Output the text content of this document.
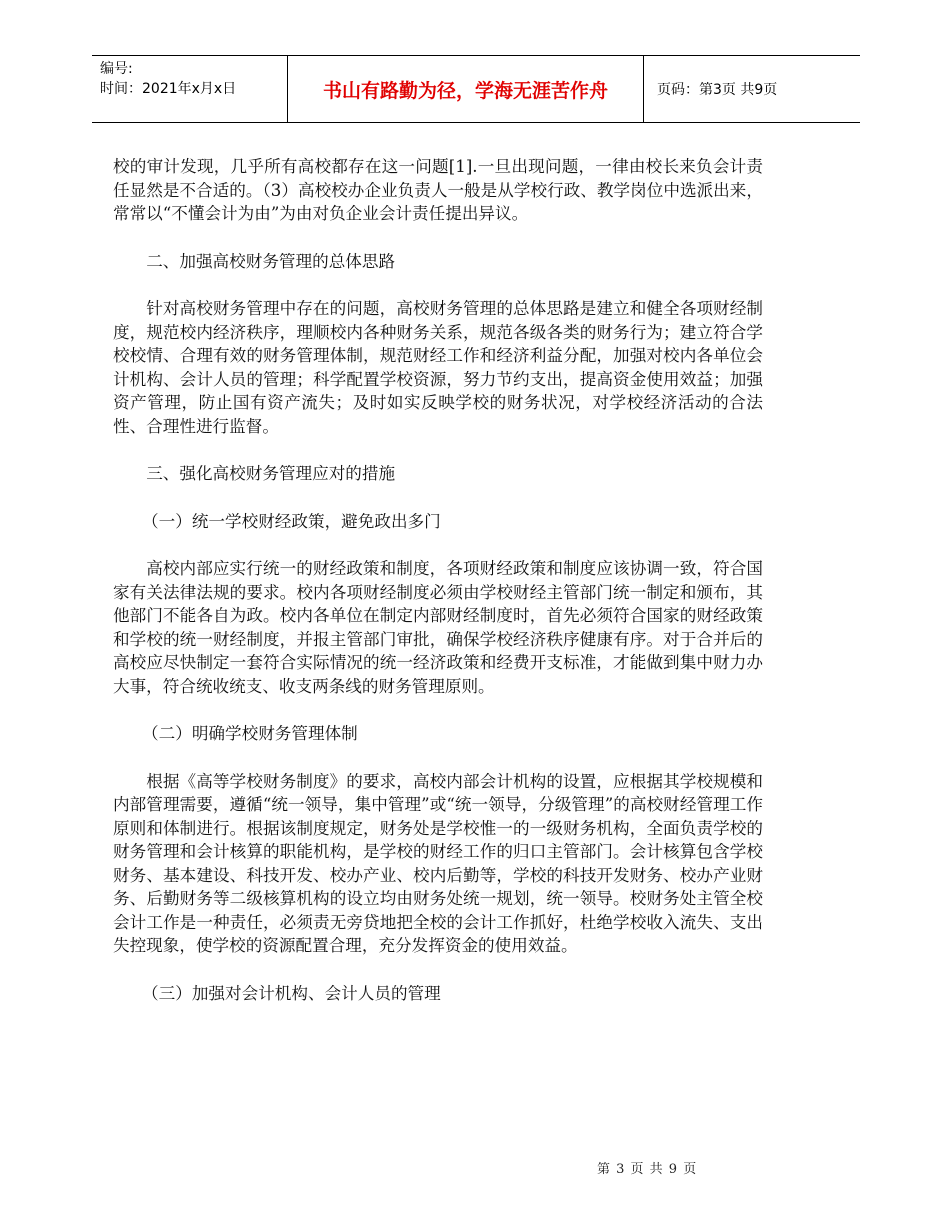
编号:
时间：2021年x月x日	书山有路勤为径，学海无涯苦作舟	页码：第3页 共9页

校的审计发现，几乎所有高校都存在这一问题[1].一旦出现问题，一律由校长来负会计责任显然是不合适的。（3）高校校办企业负责人一般是从学校行政、教学岗位中选派出来，常常以“不懂会计为由”为由对负企业会计责任提出异议。

二、加强高校财务管理的总体思路

针对高校财务管理中存在的问题，高校财务管理的总体思路是建立和健全各项财经制度，规范校内经济秩序，理顺校内各种财务关系，规范各级各类的财务行为；建立符合学校校情、合理有效的财务管理体制，规范财经工作和经济利益分配，加强对校内各单位会计机构、会计人员的管理；科学配置学校资源，努力节约支出，提高资金使用效益；加强资产管理，防止国有资产流失；及时如实反映学校的财务状况，对学校经济活动的合法性、合理性进行监督。

三、强化高校财务管理应对的措施

（一）统一学校财经政策，避免政出多门

高校内部应实行统一的财经政策和制度，各项财经政策和制度应该协调一致，符合国家有关法律法规的要求。校内各项财经制度必须由学校财经主管部门统一制定和颁布，其他部门不能各自为政。校内各单位在制定内部财经制度时，首先必须符合国家的财经政策和学校的统一财经制度，并报主管部门审批，确保学校经济秩序健康有序。对于合并后的高校应尽快制定一套符合实际情况的统一经济政策和经费开支标准，才能做到集中财力办大事，符合统收统支、收支两条线的财务管理原则。

（二）明确学校财务管理体制

根据《高等学校财务制度》的要求，高校内部会计机构的设置，应根据其学校规模和内部管理需要，遵循“统一领导，集中管理”或“统一领导，分级管理”的高校财经管理工作原则和体制进行。根据该制度规定，财务处是学校惟一的一级财务机构，全面负责学校的财务管理和会计核算的职能机构，是学校的财经工作的归口主管部门。会计核算包含学校财务、基本建设、科技开发、校办产业、校内后勤等，学校的科技开发财务、校办产业财务、后勤财务等二级核算机构的设立均由财务处统一规划，统一领导。校财务处主管全校会计工作是一种责任，必须责无旁贷地把全校的会计工作抓好，杜绝学校收入流失、支出失控现象，使学校的资源配置合理，充分发挥资金的使用效益。

（三）加强对会计机构、会计人员的管理

第 3 页 共 9 页
